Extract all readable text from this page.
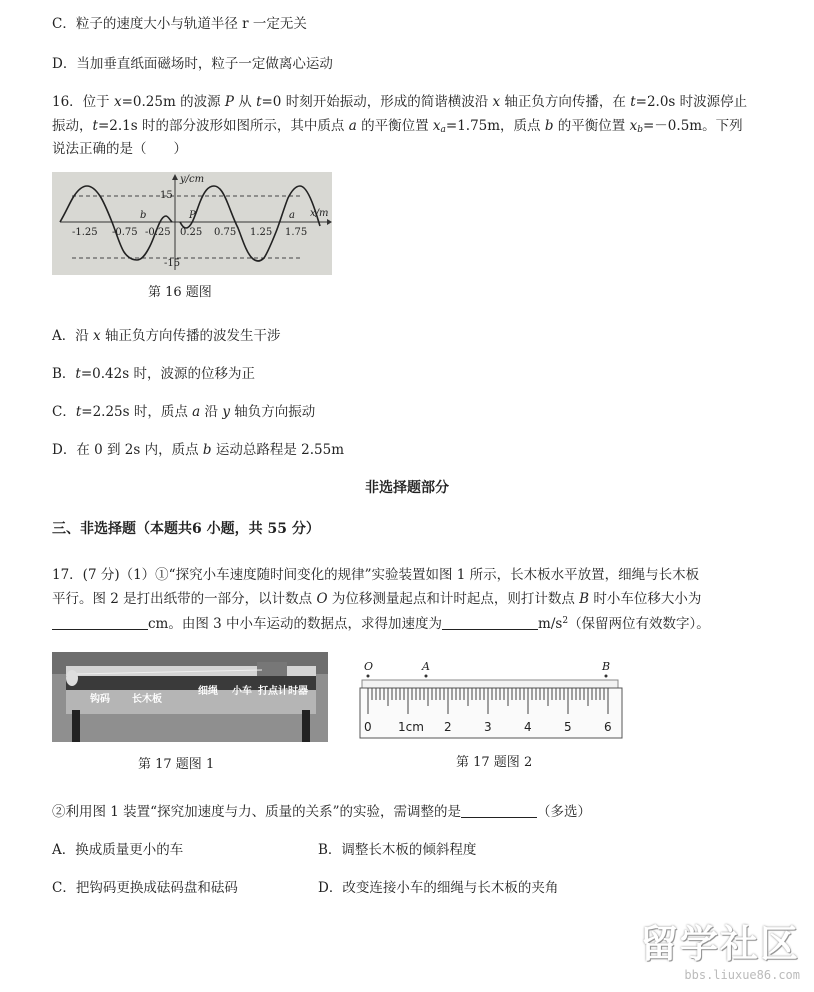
C．粒子的速度大小与轨道半径 r 一定无关
D．当加垂直纸面磁场时，粒子一定做离心运动
16．位于 x=0.25m 的波源 P 从 t=0 时刻开始振动，形成的简谐横波沿 x 轴正负方向传播，在 t=2.0s 时波源停止
振动，t=2.1s 时的部分波形如图所示，其中质点 a 的平衡位置 $x_a=1.75m$，质点 b 的平衡位置 $x_b=-0.5m$。下列
说法正确的是（　　）
y/cm
x/m
15
-15
b	P	a
-1.25 -0.75 -0.25 0.25 0.75 1.25 1.75
第 16 题图
A．沿 x 轴正负方向传播的波发生干涉
B．t=0.42s 时，波源的位移为正
C．t=2.25s 时，质点 a 沿 y 轴负方向振动
D．在 0 到 2s 内，质点 b 运动总路程是 2.55m
非选择题部分
三、非选择题（本题共6 小题，共 55 分）
17．(7 分)（1）①“探究小车速度随时间变化的规律”实验装置如图 1 所示，长木板水平放置，细绳与长木板
平行。图 2 是打出纸带的一部分，以计数点 O 为位移测量起点和计时起点，则打计数点 B 时小车位移大小为
cm。由图 3 中小车运动的数据点，求得加速度为	$m/s^2$（保留两位有效数字）。
钩码 长木板
细绳 小车 打点计时器
第 17 题图 1
O	A	B
0 1cm 2	3	4	5	6
第 17 题图 2
②利用图 1 装置“探究加速度与力、质量的关系”的实验，需调整的是	（多选）
A．换成质量更小的车	B．调整长木板的倾斜程度
C．把钩码更换成砝码盘和砝码	D．改变连接小车的细绳与长木板的夹角
留学社区
bbs.liuxue86.com
